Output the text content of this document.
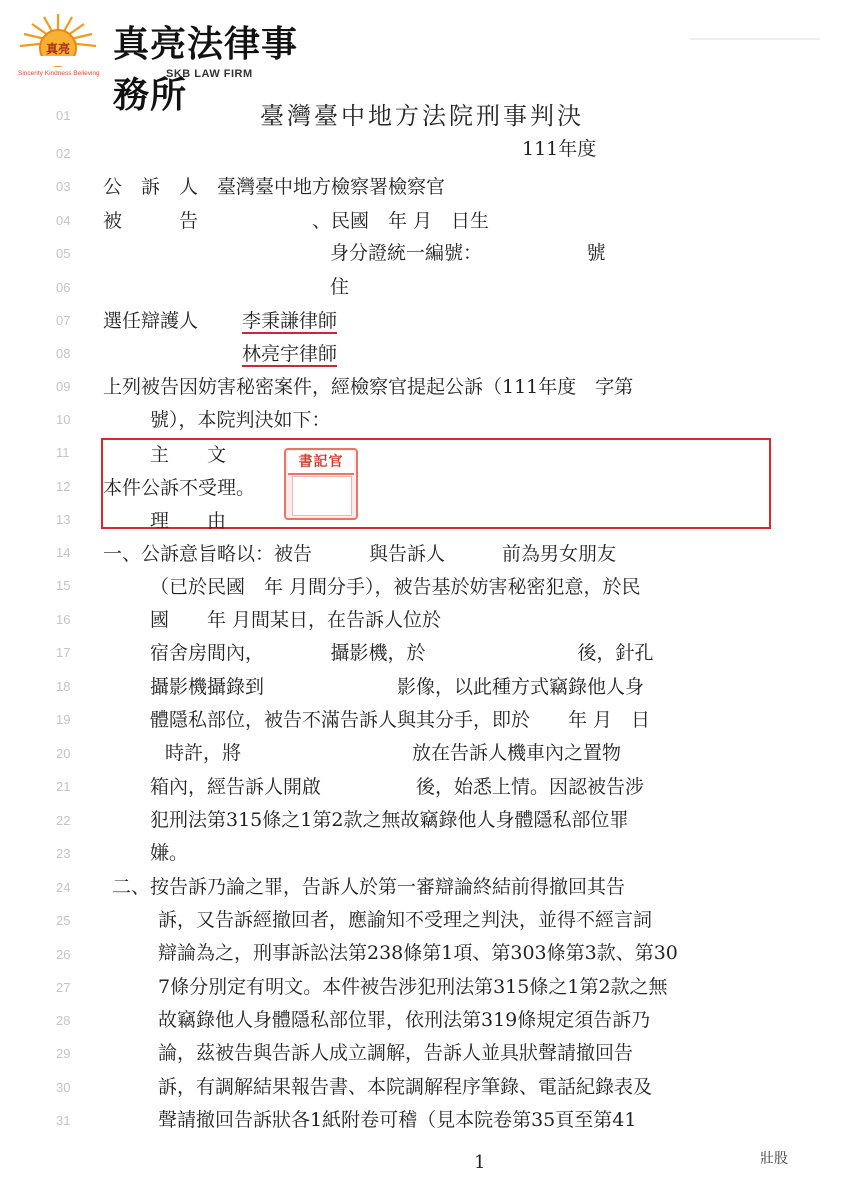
真亮
Sincerity Kindness Believing
真亮法律事務所
SKB LAW FIRM
臺灣臺中地方法院刑事判決
111年度
01
02
03
04
05
06
07
08
09
10
11
12
13
14
15
16
17
18
19
20
21
22
23
24
25
26
27
28
29
30
31
公　訴　人　臺灣臺中地方檢察署檢察官
被　　　告　　　　　　、民國　年 月　日生
身分證統一編號：　　　　　　號
住
選任辯護人 李秉謙律師
林亮宇律師
上列被告因妨害秘密案件，經檢察官提起公訴（111年度　字第
號），本院判決如下：
主　　文
本件公訴不受理。
理　　由
書記官
一、公訴意旨略以：被告　　　與告訴人　　　前為男女朋友
（已於民國　年 月間分手），被告基於妨害秘密犯意，於民
國　　年 月間某日，在告訴人位於
宿舍房間內，　　　　攝影機，於　　　　　　　　後，針孔
攝影機攝錄到　　　　　　　影像，以此種方式竊錄他人身
體隱私部位，被告不滿告訴人與其分手，即於　　年 月　日
時許，將　　　　　　　　　放在告訴人機車內之置物
箱內，經告訴人開啟　　　　　後，始悉上情。因認被告涉
犯刑法第315條之1第2款之無故竊錄他人身體隱私部位罪
嫌。
二、按告訴乃論之罪，告訴人於第一審辯論終結前得撤回其告
訴，又告訴經撤回者，應諭知不受理之判決，並得不經言詞
辯論為之，刑事訴訟法第238條第1項、第303條第3款、第30
7條分別定有明文。本件被告涉犯刑法第315條之1第2款之無
故竊錄他人身體隱私部位罪，依刑法第319條規定須告訴乃
論，茲被告與告訴人成立調解，告訴人並具狀聲請撤回告
訴，有調解結果報告書、本院調解程序筆錄、電話紀錄表及
聲請撤回告訴狀各1紙附卷可稽（見本院卷第35頁至第41
1	壯股
